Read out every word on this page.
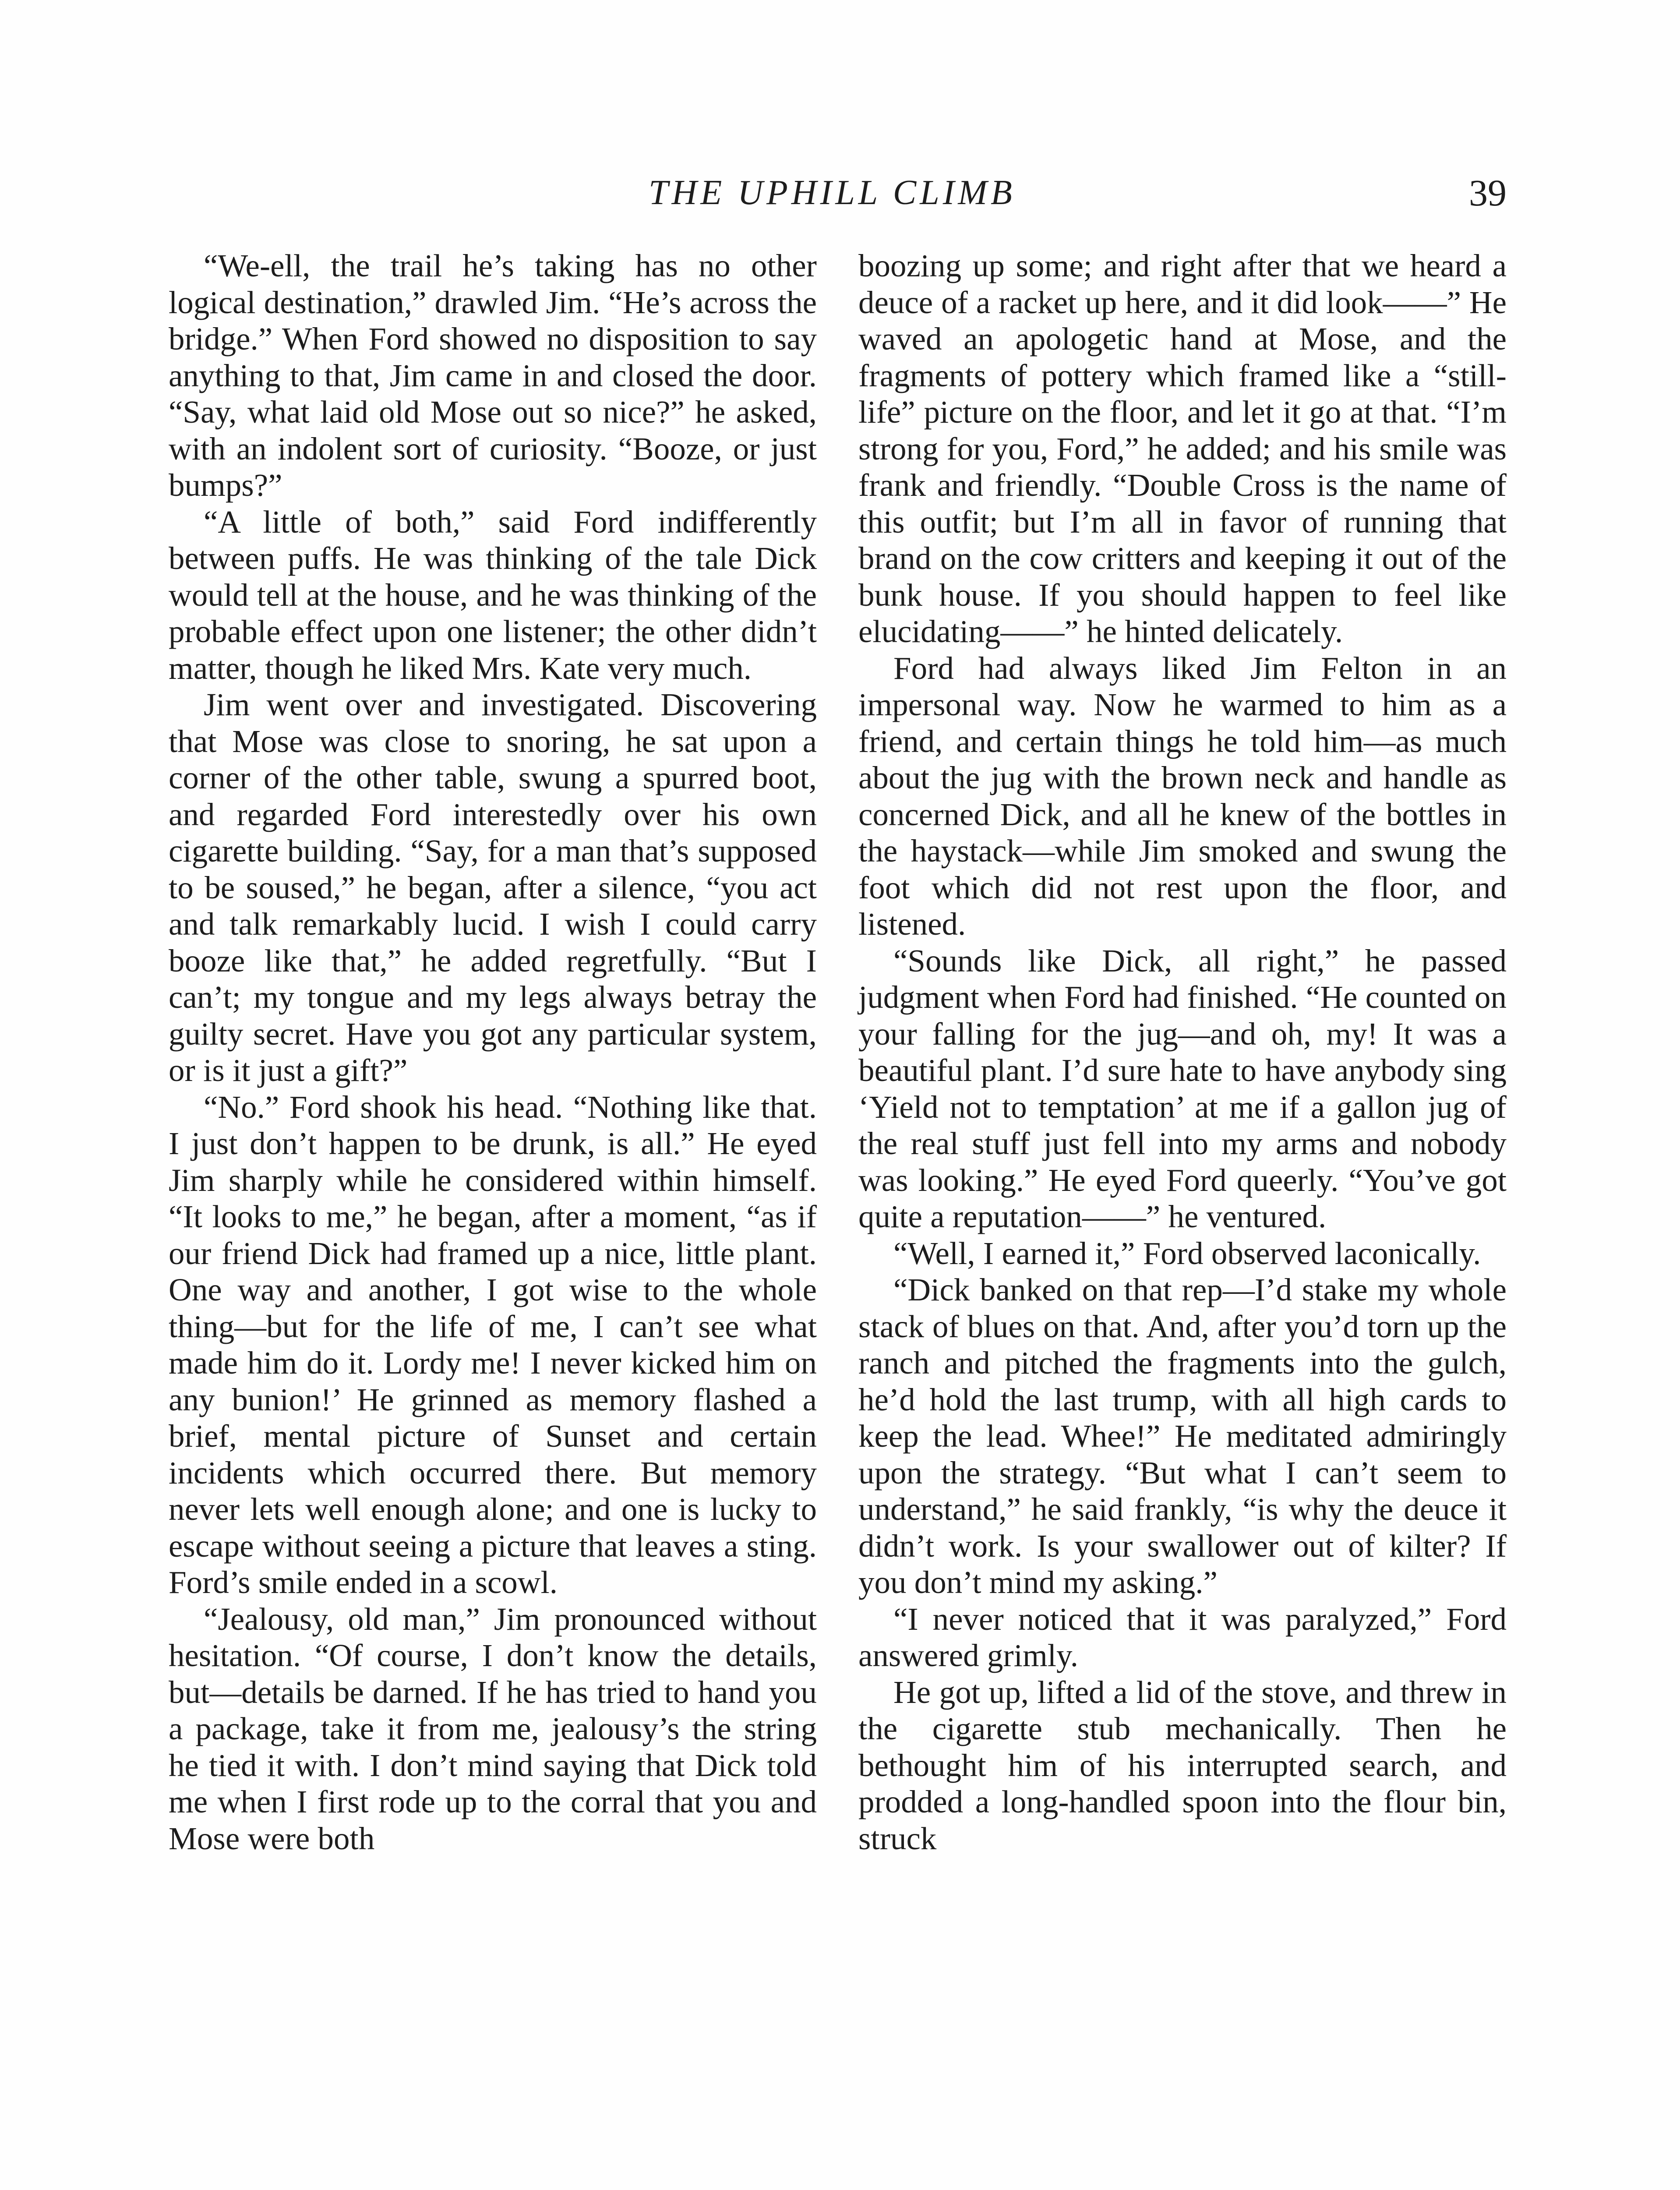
THE UPHILL CLIMB	39

“We-ell, the trail he’s taking has no other logical destination,” drawled Jim. “He’s across the bridge.” When Ford showed no disposition to say anything to that, Jim came in and closed the door. “Say, what laid old Mose out so nice?” he asked, with an indolent sort of curiosity. “Booze, or just bumps?”

“A little of both,” said Ford indifferently between puffs. He was thinking of the tale Dick would tell at the house, and he was thinking of the probable effect upon one listener; the other didn’t matter, though he liked Mrs. Kate very much.

Jim went over and investigated. Discovering that Mose was close to snoring, he sat upon a corner of the other table, swung a spurred boot, and regarded Ford interestedly over his own cigarette building. “Say, for a man that’s supposed to be soused,” he began, after a silence, “you act and talk remarkably lucid. I wish I could carry booze like that,” he added regretfully. “But I can’t; my tongue and my legs always betray the guilty secret. Have you got any particular system, or is it just a gift?”

“No.” Ford shook his head. “Nothing like that. I just don’t happen to be drunk, is all.” He eyed Jim sharply while he considered within himself. “It looks to me,” he began, after a moment, “as if our friend Dick had framed up a nice, little plant. One way and another, I got wise to the whole thing—but for the life of me, I can’t see what made him do it. Lordy me! I never kicked him on any bunion!’ He grinned as memory flashed a brief, mental picture of Sunset and certain incidents which occurred there. But memory never lets well enough alone; and one is lucky to escape without seeing a picture that leaves a sting. Ford’s smile ended in a scowl.

“Jealousy, old man,” Jim pronounced without hesitation. “Of course, I don’t know the details, but—details be darned. If he has tried to hand you a package, take it from me, jealousy’s the string he tied it with. I don’t mind saying that Dick told me when I first rode up to the corral that you and Mose were both

boozing up some; and right after that we heard a deuce of a racket up here, and it did look——” He waved an apologetic hand at Mose, and the fragments of pottery which framed like a “still-life” picture on the floor, and let it go at that. “I’m strong for you, Ford,” he added; and his smile was frank and friendly. “Double Cross is the name of this outfit; but I’m all in favor of running that brand on the cow critters and keeping it out of the bunk house. If you should happen to feel like elucidating——” he hinted delicately.

Ford had always liked Jim Felton in an impersonal way. Now he warmed to him as a friend, and certain things he told him—as much about the jug with the brown neck and handle as concerned Dick, and all he knew of the bottles in the haystack—while Jim smoked and swung the foot which did not rest upon the floor, and listened.

“Sounds like Dick, all right,” he passed judgment when Ford had finished. “He counted on your falling for the jug—and oh, my! It was a beautiful plant. I’d sure hate to have anybody sing ‘Yield not to temptation’ at me if a gallon jug of the real stuff just fell into my arms and nobody was looking.” He eyed Ford queerly. “You’ve got quite a reputation——” he ventured.

“Well, I earned it,” Ford observed laconically.

“Dick banked on that rep—I’d stake my whole stack of blues on that. And, after you’d torn up the ranch and pitched the fragments into the gulch, he’d hold the last trump, with all high cards to keep the lead. Whee!” He meditated admiringly upon the strategy. “But what I can’t seem to understand,” he said frankly, “is why the deuce it didn’t work. Is your swallower out of kilter? If you don’t mind my asking.”

“I never noticed that it was paralyzed,” Ford answered grimly.

He got up, lifted a lid of the stove, and threw in the cigarette stub mechanically. Then he bethought him of his interrupted search, and prodded a long-handled spoon into the flour bin, struck
